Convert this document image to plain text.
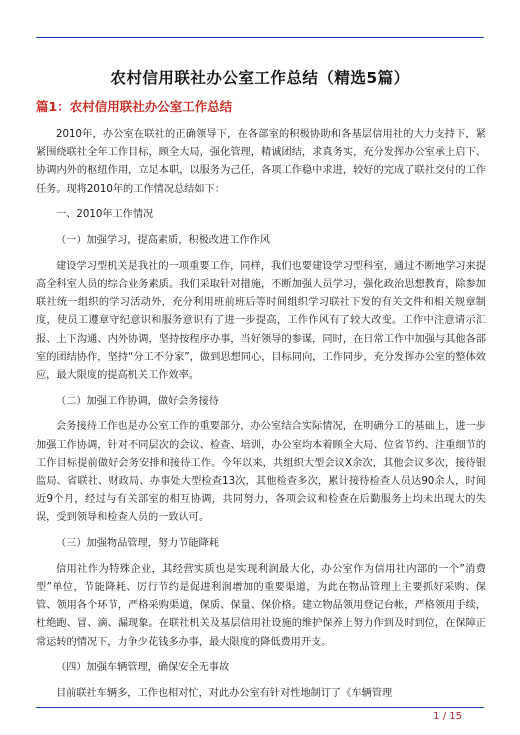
农村信用联社办公室工作总结（精选5篇）
篇1：农村信用联社办公室工作总结

2010年，办公室在联社的正确领导下，在各部室的积极协助和各基层信用社的大力支持下，紧紧围绕联社全年工作目标，顾全大局，强化管理，精诚团结，求真务实，充分发挥办公室承上启下、协调内外的枢纽作用，立足本职，以服务为己任，各项工作稳中求进，较好的完成了联社交付的工作任务。现将2010年的工作情况总结如下：

一、2010年工作情况

（一）加强学习，提高素质，积极改进工作作风

建设学习型机关是我社的一项重要工作，同样，我们也要建设学习型科室，通过不断地学习来提高全科室人员的综合业务素质。我们采取针对措施，不断加强人员学习，强化政治思想教育，除参加联社统一组织的学习活动外，充分利用班前班后等时间组织学习联社下发的有关文件和相关规章制度，使员工遵章守纪意识和服务意识有了进一步提高，工作作风有了较大改变。工作中注意请示汇报、上下沟通、内外协调，坚持按程序办事，当好领导的参谋，同时，在日常工作中加强与其他各部室的团结协作，坚持“分工不分家”，做到思想同心，目标同向，工作同步，充分发挥办公室的整体效应，最大限度的提高机关工作效率。

（二）加强工作协调，做好会务接待

会务接待工作也是办公室工作的重要部分，办公室结合实际情况，在明确分工的基础上，进一步加强工作协调，针对不同层次的会议、检查、培训，办公室均本着顾全大局、位省节约、注重细节的工作目标提前做好会务安排和接待工作。今年以来，共组织大型会议X余次，其他会议多次，接待银监局、省联社、财政局、办事处大型检查13次，其他检查多次，累计接待检查人员达90余人，时间近9个月，经过与有关部室的相互协调，共同努力，各项会议和检查在后勤服务上均未出现大的失误，受到领导和检查人员的一致认可。

（三）加强物品管理，努力节能降耗

信用社作为特殊企业，其经营实质也是实现利润最大化，办公室作为信用社内部的一个”消费型”单位，节能降耗、厉行节约是促进利润增加的重要渠道，为此在物品管理上主要抓好采购、保管、领用各个环节，严格采购渠道，保质、保量、保价格。建立物品领用登记台帐，严格领用手续，杜绝跑、冒、滴、漏现象。在联社机关及基层信用社设施的维护保养上努力作到及时到位，在保障正常运转的情况下，力争少花钱多办事，最大限度的降低费用开支。

（四）加强车辆管理，确保安全无事故

目前联社车辆多，工作也相对忙，对此办公室有针对性地制订了《车辆管理

1 / 15
